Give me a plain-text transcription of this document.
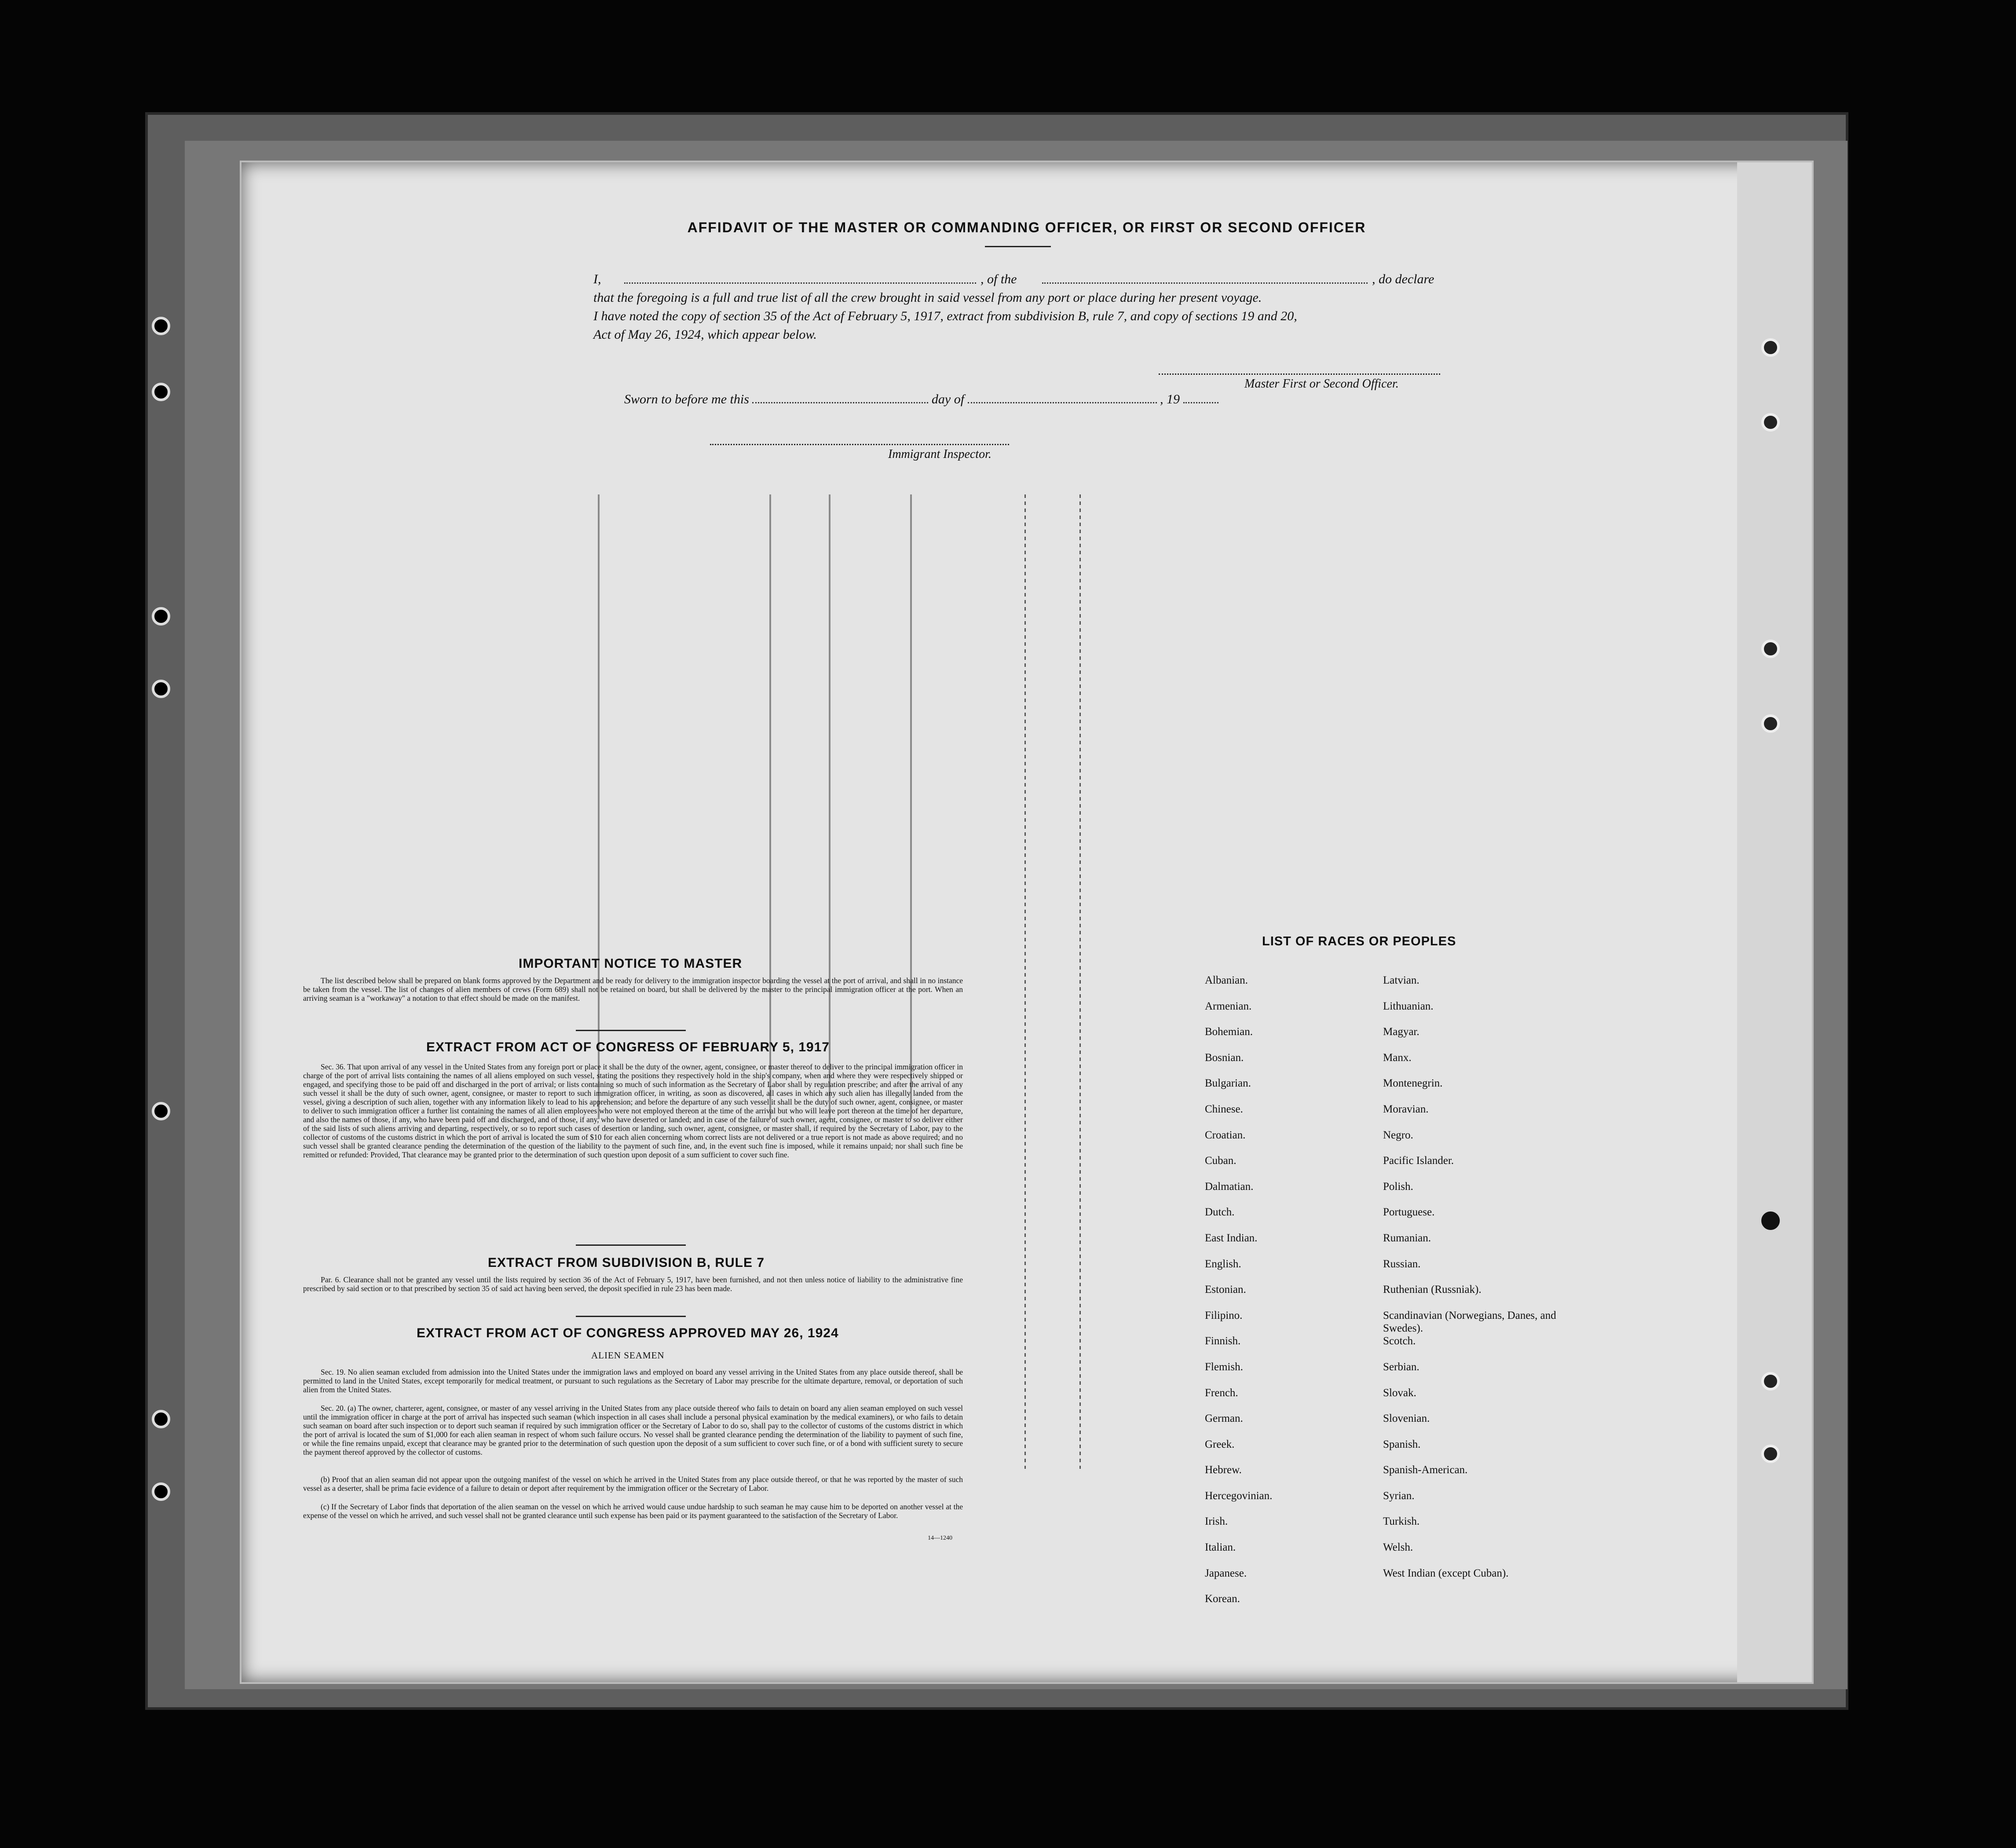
AFFIDAVIT OF THE MASTER OR COMMANDING OFFICER, OR FIRST OR SECOND OFFICER
I,	, of the	, do declare
that the foregoing is a full and true list of all the crew brought in said vessel from any port or place during her present voyage.
I have noted the copy of section 35 of the Act of February 5, 1917, extract from subdivision B, rule 7, and copy of sections 19 and 20,
Act of May 26, 1924, which appear below.
Master First or Second Officer.
Sworn to before me this	day of	, 19
Immigrant Inspector.
IMPORTANT NOTICE TO MASTER
The list described below shall be prepared on blank forms approved by the Department and be ready for delivery to the immigration inspector boarding the vessel at the port of arrival, and shall in no instance be taken from the vessel. The list of changes of alien members of crews (Form 689) shall not be retained on board, but shall be delivered by the master to the principal immigration officer at the port. When an arriving seaman is a "workaway" a notation to that effect should be made on the manifest.
EXTRACT FROM ACT OF CONGRESS OF FEBRUARY 5, 1917
Sec. 36. That upon arrival of any vessel in the United States from any foreign port or place it shall be the duty of the owner, agent, consignee, or master thereof to deliver to the principal immigration officer in charge of the port of arrival lists containing the names of all aliens employed on such vessel, stating the positions they respectively hold in the ship's company, when and where they were respectively shipped or engaged, and specifying those to be paid off and discharged in the port of arrival; or lists containing so much of such information as the Secretary of Labor shall by regulation prescribe; and after the arrival of any such vessel it shall be the duty of such owner, agent, consignee, or master to report to such immigration officer, in writing, as soon as discovered, all cases in which any such alien has illegally landed from the vessel, giving a description of such alien, together with any information likely to lead to his apprehension; and before the departure of any such vessel it shall be the duty of such owner, agent, consignee, or master to deliver to such immigration officer a further list containing the names of all alien employees who were not employed thereon at the time of the arrival but who will leave port thereon at the time of her departure, and also the names of those, if any, who have been paid off and discharged, and of those, if any, who have deserted or landed; and in case of the failure of such owner, agent, consignee, or master to so deliver either of the said lists of such aliens arriving and departing, respectively, or so to report such cases of desertion or landing, such owner, agent, consignee, or master shall, if required by the Secretary of Labor, pay to the collector of customs of the customs district in which the port of arrival is located the sum of $10 for each alien concerning whom correct lists are not delivered or a true report is not made as above required; and no such vessel shall be granted clearance pending the determination of the question of the liability to the payment of such fine, and, in the event such fine is imposed, while it remains unpaid; nor shall such fine be remitted or refunded: Provided, That clearance may be granted prior to the determination of such question upon deposit of a sum sufficient to cover such fine.
EXTRACT FROM SUBDIVISION B, RULE 7
Par. 6. Clearance shall not be granted any vessel until the lists required by section 36 of the Act of February 5, 1917, have been furnished, and not then unless notice of liability to the administrative fine prescribed by said section or to that prescribed by section 35 of said act having been served, the deposit specified in rule 23 has been made.
EXTRACT FROM ACT OF CONGRESS APPROVED MAY 26, 1924
ALIEN SEAMEN
Sec. 19. No alien seaman excluded from admission into the United States under the immigration laws and employed on board any vessel arriving in the United States from any place outside thereof, shall be permitted to land in the United States, except temporarily for medical treatment, or pursuant to such regulations as the Secretary of Labor may prescribe for the ultimate departure, removal, or deportation of such alien from the United States.
Sec. 20. (a) The owner, charterer, agent, consignee, or master of any vessel arriving in the United States from any place outside thereof who fails to detain on board any alien seaman employed on such vessel until the immigration officer in charge at the port of arrival has inspected such seaman (which inspection in all cases shall include a personal physical examination by the medical examiners), or who fails to detain such seaman on board after such inspection or to deport such seaman if required by such immigration officer or the Secretary of Labor to do so, shall pay to the collector of customs of the customs district in which the port of arrival is located the sum of $1,000 for each alien seaman in respect of whom such failure occurs. No vessel shall be granted clearance pending the determination of the liability to payment of such fine, or while the fine remains unpaid, except that clearance may be granted prior to the determination of such question upon the deposit of a sum sufficient to cover such fine, or of a bond with sufficient surety to secure the payment thereof approved by the collector of customs.
(b) Proof that an alien seaman did not appear upon the outgoing manifest of the vessel on which he arrived in the United States from any place outside thereof, or that he was reported by the master of such vessel as a deserter, shall be prima facie evidence of a failure to detain or deport after requirement by the immigration officer or the Secretary of Labor.
(c) If the Secretary of Labor finds that deportation of the alien seaman on the vessel on which he arrived would cause undue hardship to such seaman he may cause him to be deported on another vessel at the expense of the vessel on which he arrived, and such vessel shall not be granted clearance until such expense has been paid or its payment guaranteed to the satisfaction of the Secretary of Labor.
14—1240
LIST OF RACES OR PEOPLES
Albanian.
Armenian.
Bohemian.
Bosnian.
Bulgarian.
Chinese.
Croatian.
Cuban.
Dalmatian.
Dutch.
East Indian.
English.
Estonian.
Filipino.
Finnish.
Flemish.
French.
German.
Greek.
Hebrew.
Hercegovinian.
Irish.
Italian.
Japanese.
Korean.
Latvian.
Lithuanian.
Magyar.
Manx.
Montenegrin.
Moravian.
Negro.
Pacific Islander.
Polish.
Portuguese.
Rumanian.
Russian.
Ruthenian (Russniak).
Scandinavian (Norwegians, Danes, and Swedes).
Scotch.
Serbian.
Slovak.
Slovenian.
Spanish.
Spanish-American.
Syrian.
Turkish.
Welsh.
West Indian (except Cuban).
